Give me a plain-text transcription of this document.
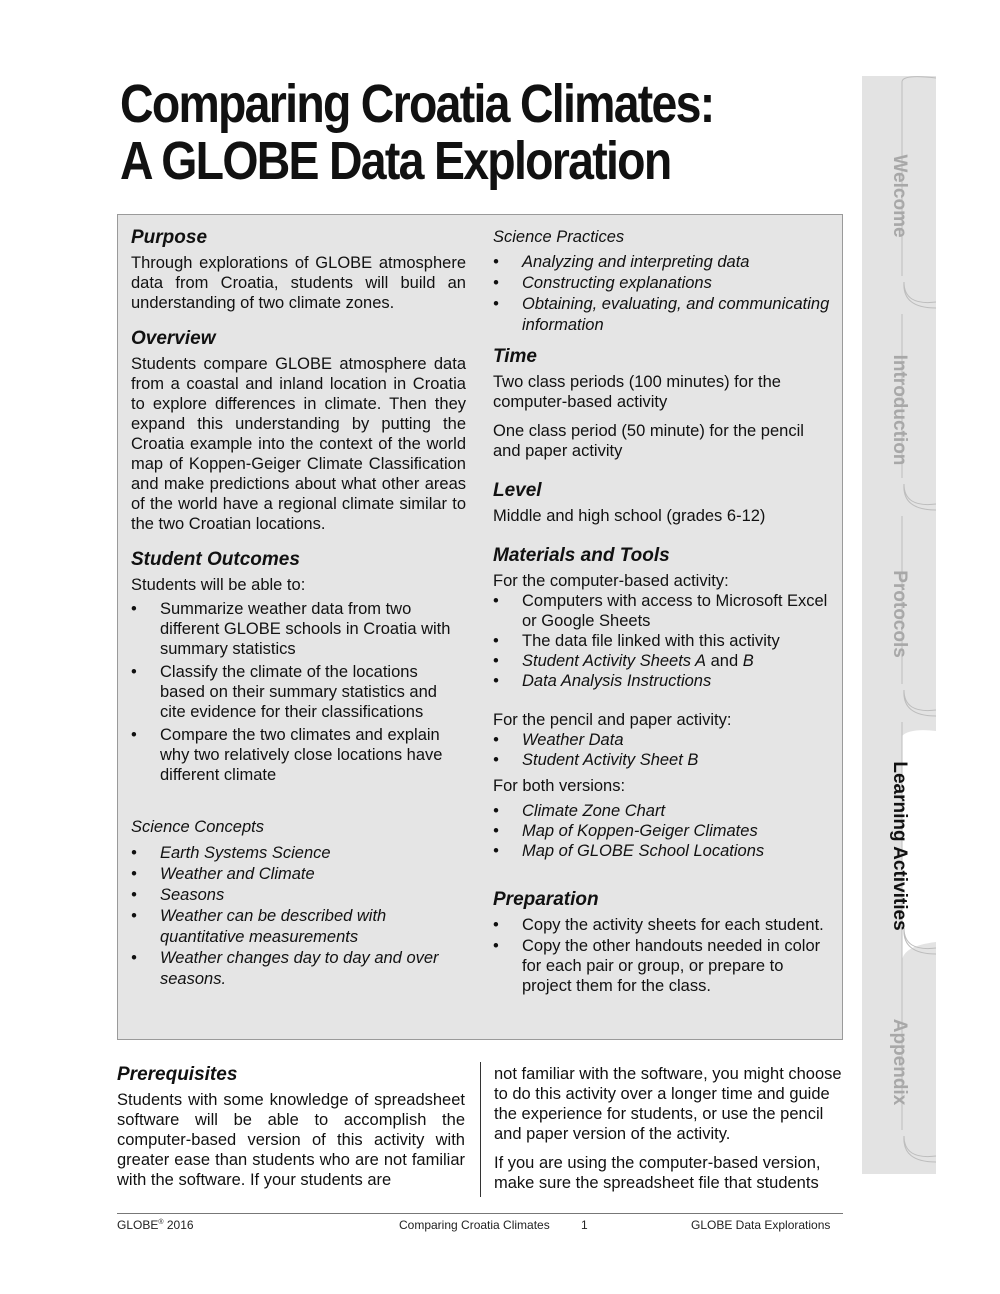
Comparing Croatia Climates:
A GLOBE Data Exploration
Purpose

Through explorations of GLOBE atmosphere data from Croatia, students will build an understanding of two climate zones.

Overview

Students compare GLOBE atmosphere data from a coastal and inland location in Croatia to explore differences in climate. Then they expand this understanding by putting the Croatia example into the context of the world map of Koppen-Geiger Climate Classification and make predictions about what other areas of the world have a regional climate similar to the two Croatian locations.

Student Outcomes

Students will be able to:

• Summarize weather data from two different GLOBE schools in Croatia with summary statistics
• Classify the climate of the locations based on their summary statistics and cite evidence for their classifications
• Compare the two climates and explain why two relatively close locations have different climate

Science Concepts

• Earth Systems Science
• Weather and Climate
• Seasons
• Weather can be described with quantitative measurements
• Weather changes day to day and over seasons.

Science Practices

• Analyzing and interpreting data
• Constructing explanations
• Obtaining, evaluating, and communicating information
Time

Two class periods (100 minutes) for the computer-based activity

One class period (50 minute) for the pencil and paper activity

Level

Middle and high school (grades 6-12)

Materials and Tools

For the computer-based activity:

• Computers with access to Microsoft Excel or Google Sheets
• The data file linked with this activity
• Student Activity Sheets A and B
• Data Analysis Instructions

For the pencil and paper activity:

• Weather Data
• Student Activity Sheet B

For both versions:

• Climate Zone Chart
• Map of Koppen-Geiger Climates
• Map of GLOBE School Locations
Preparation
• Copy the activity sheets for each student.
• Copy the other handouts needed in color for each pair or group, or prepare to project them for the class.
Prerequisites

Students with some knowledge of spreadsheet software will be able to accomplish the computer-based version of this activity with greater ease than students who are not familiar with the software. If your students are

not familiar with the software, you might choose to do this activity over a longer time and guide the experience for students, or use the pencil and paper version of the activity.

If you are using the computer-based version, make sure the spreadsheet file that students

GLOBE® 2016	Comparing Croatia Climates	1	GLOBE Data Explorations
Welcome
Introduction
Protocols
Learning Activities
Appendix
